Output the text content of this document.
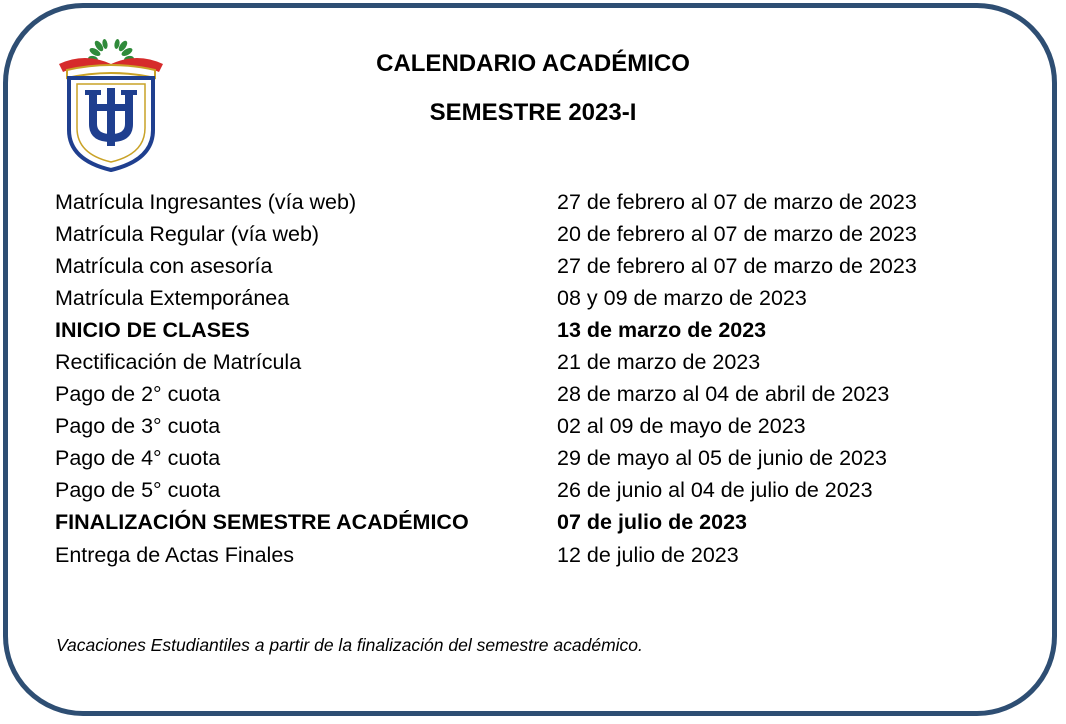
CALENDARIO ACADÉMICO
SEMESTRE 2023-I
Matrícula Ingresantes (vía web)	27 de febrero al 07 de marzo de 2023
Matrícula Regular (vía web)	20 de febrero al 07 de marzo de 2023
Matrícula con asesoría	27 de febrero al 07 de marzo de 2023
Matrícula Extemporánea	08 y 09 de marzo de 2023
INICIO DE CLASES	13 de marzo de 2023
Rectificación de Matrícula	21 de marzo de 2023
Pago de 2° cuota	28 de marzo al 04 de abril de 2023
Pago de 3° cuota	02 al 09 de mayo de 2023
Pago de 4° cuota	29 de mayo al 05 de junio de 2023
Pago de 5° cuota	26 de junio al 04 de julio de 2023
FINALIZACIÓN SEMESTRE ACADÉMICO	07 de julio de 2023
Entrega de Actas Finales	12 de julio de 2023
Vacaciones Estudiantiles a partir de la finalización del semestre académico.
